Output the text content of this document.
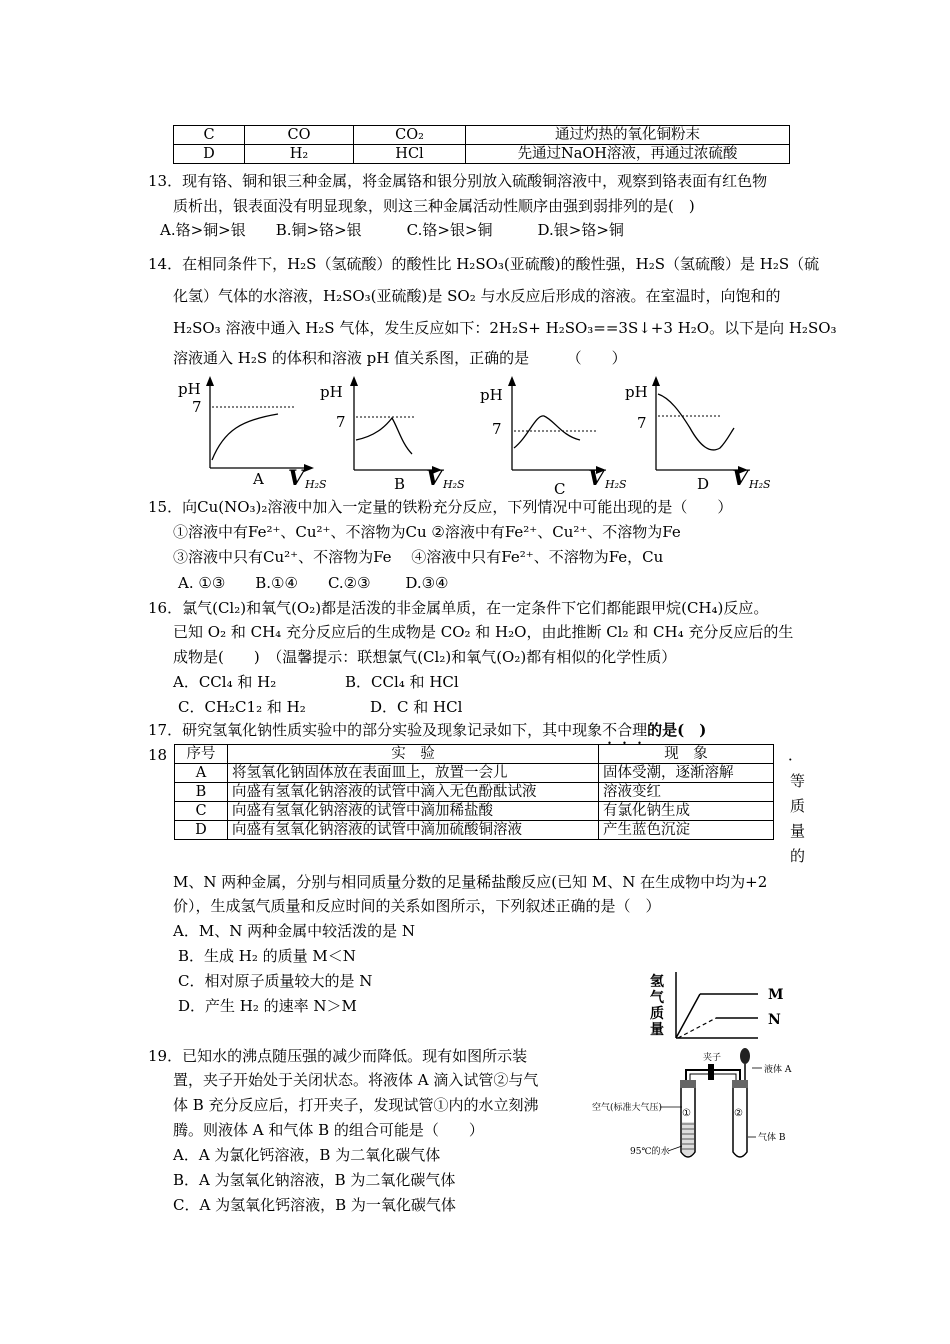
C	CO	CO₂	通过灼热的氧化铜粉末
D	H₂	HCl	先通过NaOH溶液，再通过浓硫酸
13．现有铬、铜和银三种金属，将金属铬和银分别放入硫酸铜溶液中，观察到铬表面有红色物
质析出，银表面没有明显现象，则这三种金属活动性顺序由强到弱排列的是(　)
A.铬>铜>银　　B.铜>铬>银　　　C.铬>银>铜　　　D.银>铬>铜
14．在相同条件下，H₂S（氢硫酸）的酸性比 H₂SO₃(亚硫酸)的酸性强，H₂S（氢硫酸）是 H₂S（硫
化氢）气体的水溶液，H₂SO₃(亚硫酸)是 SO₂ 与水反应后形成的溶液。在室温时，向饱和的
H₂SO₃ 溶液中通入 H₂S 气体，发生反应如下：2H₂S+ H₂SO₃==3S↓+3 H₂O。以下是向 H₂SO₃
溶液通入 H₂S 的体积和溶液 pH 值关系图，正确的是　　　（　　）
pH
7
A V H₂S
pH
7
B V H₂S
pH
7
C V H₂S
pH
7
D V H₂S
15．向Cu(NO₃)₂溶液中加入一定量的铁粉充分反应，下列情况中可能出现的是（　　）
①溶液中有Fe²⁺、Cu²⁺、不溶物为Cu ②溶液中有Fe²⁺、Cu²⁺、不溶物为Fe
③溶液中只有Cu²⁺、不溶物为Fe　 ④溶液中只有Fe²⁺、不溶物为Fe，Cu
A. ①③　　B.①④　　C.②③　　 D.③④
16．氯气(Cl₂)和氧气(O₂)都是活泼的非金属单质，在一定条件下它们都能跟甲烷(CH₄)反应。
已知 O₂ 和 CH₄ 充分反应后的生成物是 CO₂ 和 H₂O，由此推断 Cl₂ 和 CH₄ 充分反应后的生
成物是(　　)　（温馨提示：联想氯气(Cl₂)和氧气(O₂)都有相似的化学性质）
A．CCl₄ 和 H₂	B．CCl₄ 和 HCl
C．CH₂C1₂ 和 H₂	D．C 和 HCl
17．研究氢氧化钠性质实验中的部分实验及现象记录如下，其中现象不合理的是(　)
18 序号	实　验	现　象
A	将氢氧化钠固体放在表面皿上，放置一会儿	固体受潮，逐渐溶解
B	向盛有氢氧化钠溶液的试管中滴入无色酚酞试液	溶液变红
C	向盛有氢氧化钠溶液的试管中滴加稀盐酸	有氯化钠生成
D	向盛有氢氧化钠溶液的试管中滴加硫酸铜溶液	产生蓝色沉淀
．
等
质
量
的
M、N 两种金属，分别与相同质量分数的足量稀盐酸反应(已知 M、N 在生成物中均为+2
价），生成氢气质量和反应时间的关系如图所示，下列叙述正确的是（　）
A．M、N 两种金属中较活泼的是 N
B．生成 H₂ 的质量 M＜N
C．相对原子质量较大的是 N
D．产生 H₂ 的速率 N＞M
氢
气
质
量
M
N
19．已知水的沸点随压强的减少而降低。现有如图所示装
置，夹子开始处于关闭状态。将液体 A 滴入试管②与气
体 B 充分反应后，打开夹子，发现试管①内的水立刻沸
腾。则液体 A 和气体 B 的组合可能是（　　）
A．A 为氯化钙溶液，B 为二氧化碳气体
B．A 为氢氧化钠溶液，B 为二氧化碳气体
C．A 为氢氧化钙溶液，B 为一氧化碳气体
夹子
液体 A
①	②
空气(标准大气压)
气体 B
95℃的水
